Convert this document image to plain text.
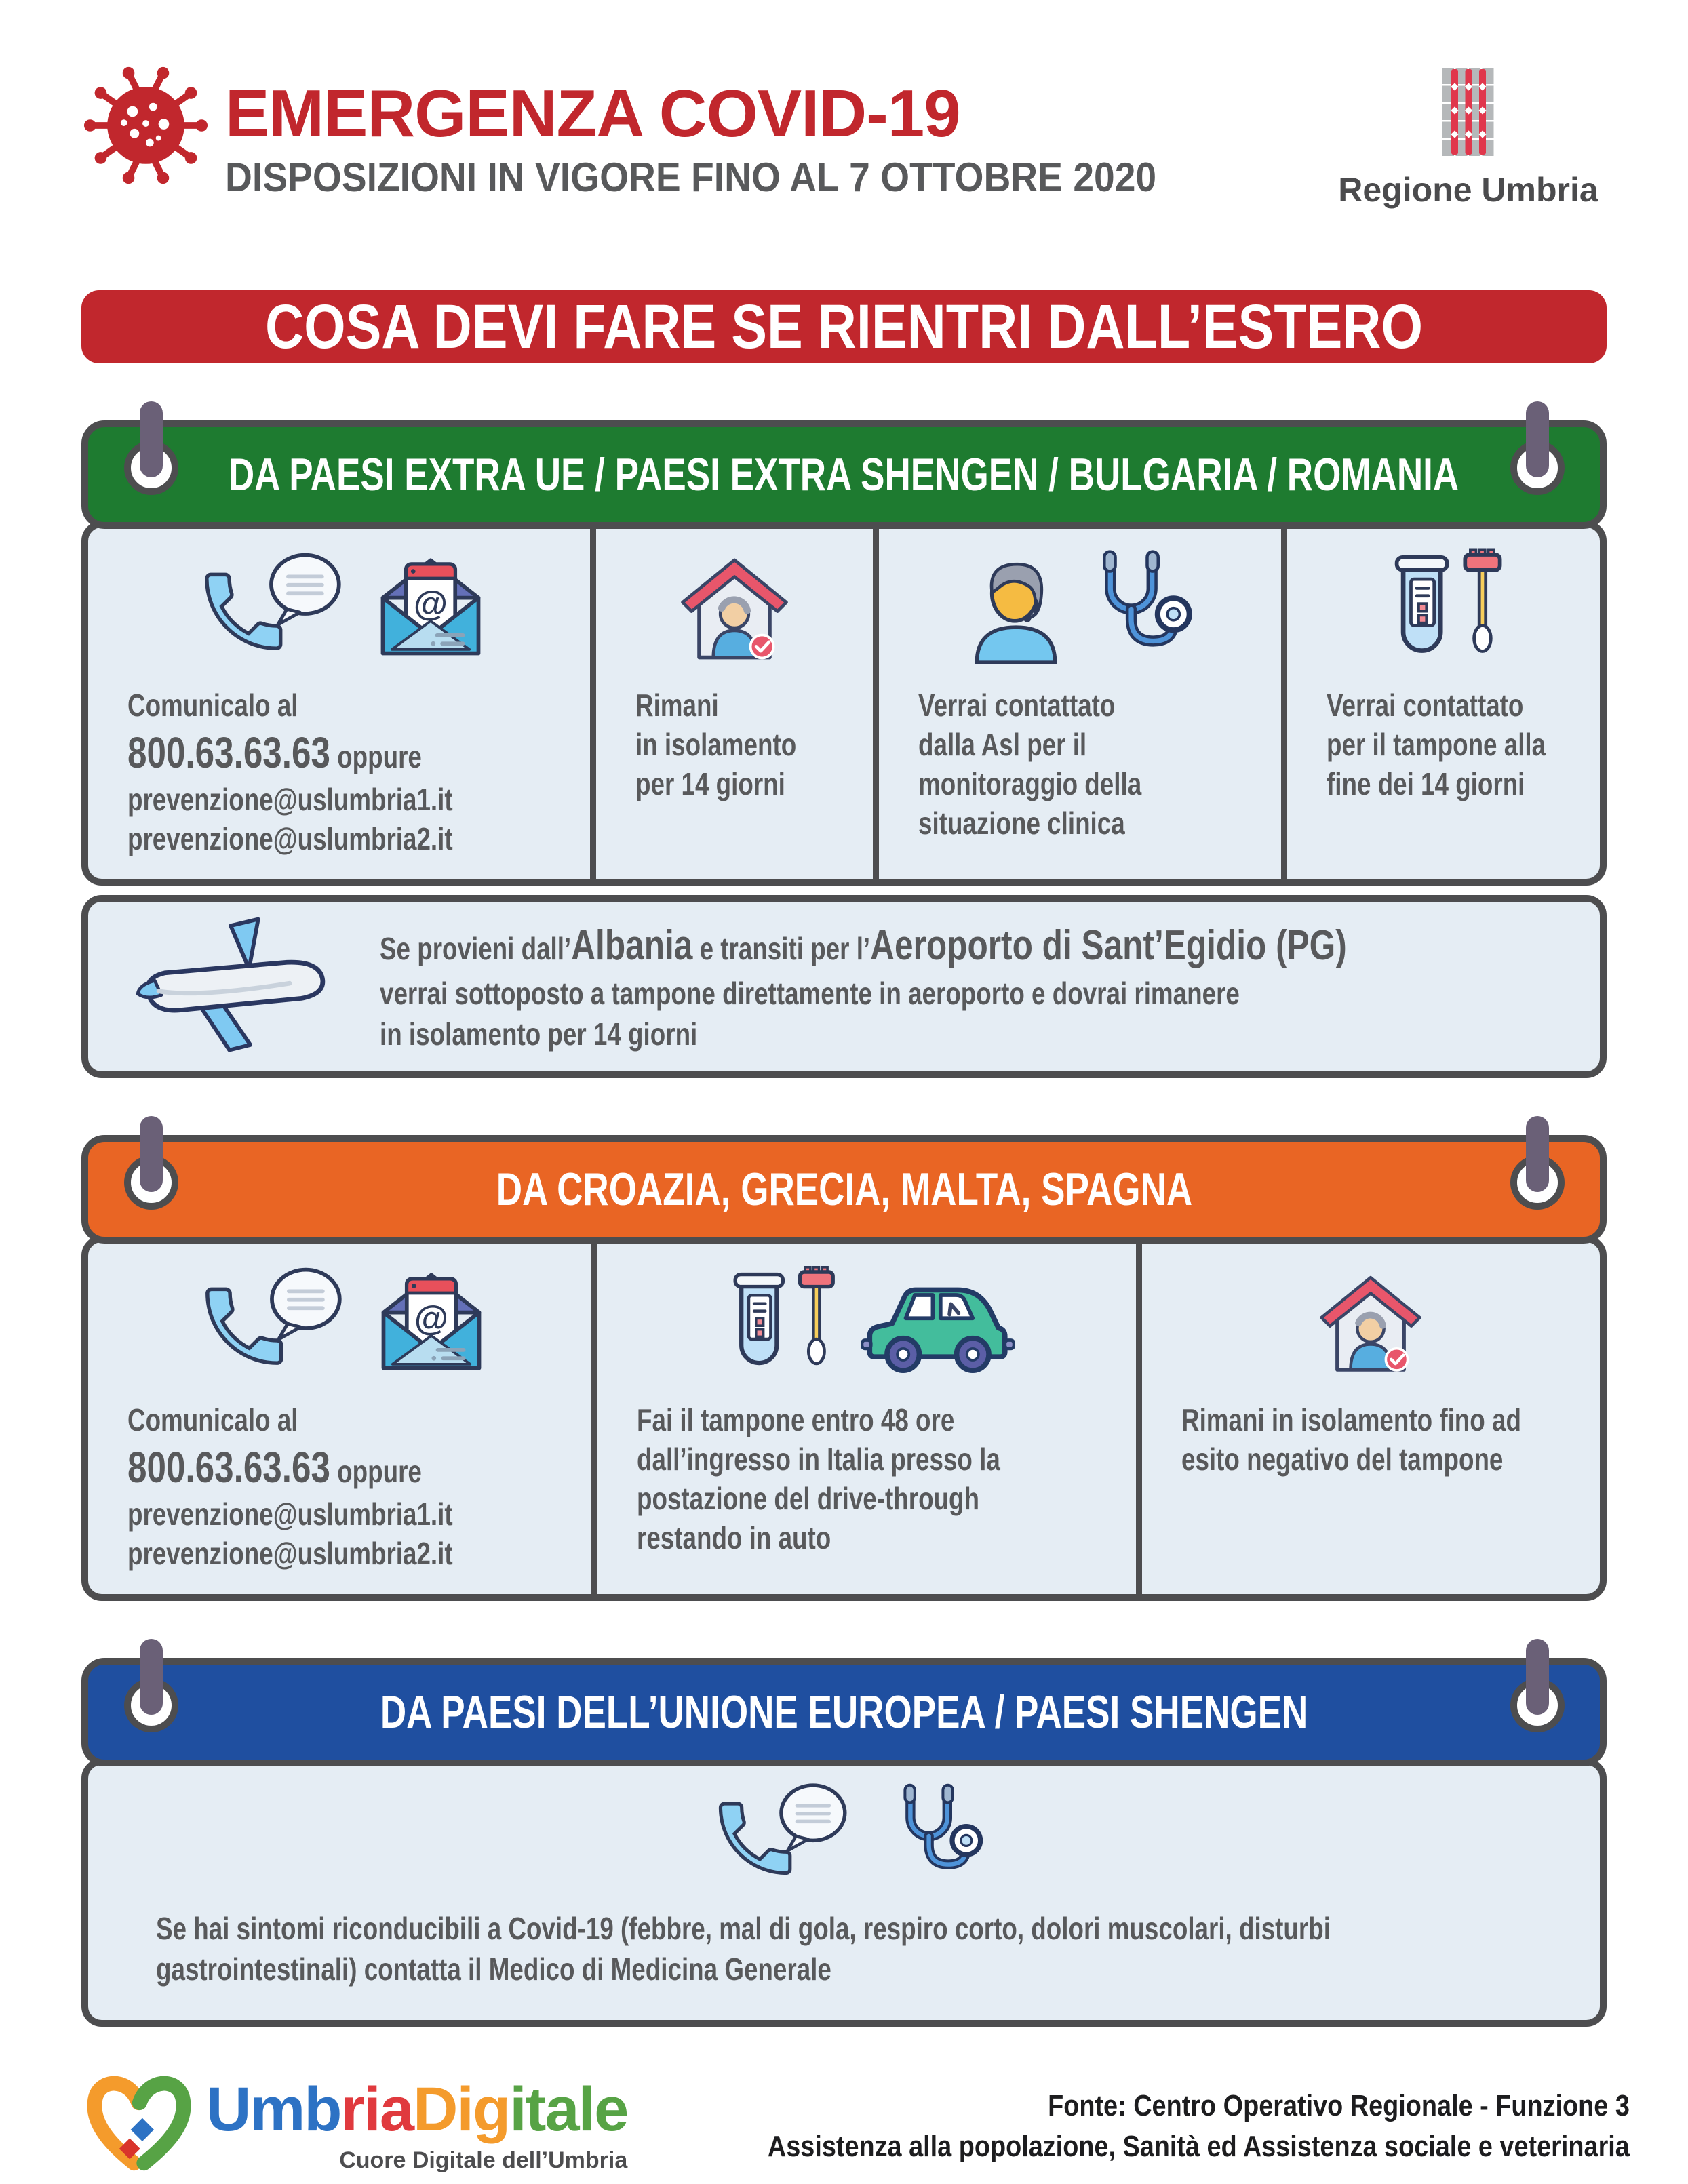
EMERGENZA COVID-19
DISPOSIZIONI IN VIGORE FINO AL 7 OTTOBRE 2020	Regione Umbria
COSA DEVI FARE SE RIENTRI DALL’ESTERO
DA PAESI EXTRA UE / PAESI EXTRA SHENGEN / BULGARIA / ROMANIA
Comunicalo al
800.63.63.63 oppure
prevenzione@uslumbria1.it
prevenzione@uslumbria2.it
Rimani
in isolamento
per 14 giorni
Verrai contattato
dalla Asl per il
monitoraggio della
situazione clinica
Verrai contattato
per il tampone alla
fine dei 14 giorni
Se provieni dall’Albania e transiti per l’Aeroporto di Sant’Egidio (PG)
verrai sottoposto a tampone direttamente in aeroporto e dovrai rimanere
in isolamento per 14 giorni
DA CROAZIA, GRECIA, MALTA, SPAGNA
Comunicalo al
800.63.63.63 oppure
prevenzione@uslumbria1.it
prevenzione@uslumbria2.it
Fai il tampone entro 48 ore
dall’ingresso in Italia presso la
postazione del drive-through
restando in auto
Rimani in isolamento fino ad
esito negativo del tampone
DA PAESI DELL’UNIONE EUROPEA / PAESI SHENGEN
Se hai sintomi riconducibili a Covid-19 (febbre, mal di gola, respiro corto, dolori muscolari, disturbi
gastrointestinali) contatta il Medico di Medicina Generale
UmbriaDigitale
Cuore Digitale dell’Umbria
Fonte: Centro Operativo Regionale - Funzione 3
Assistenza alla popolazione, Sanità ed Assistenza sociale e veterinaria
